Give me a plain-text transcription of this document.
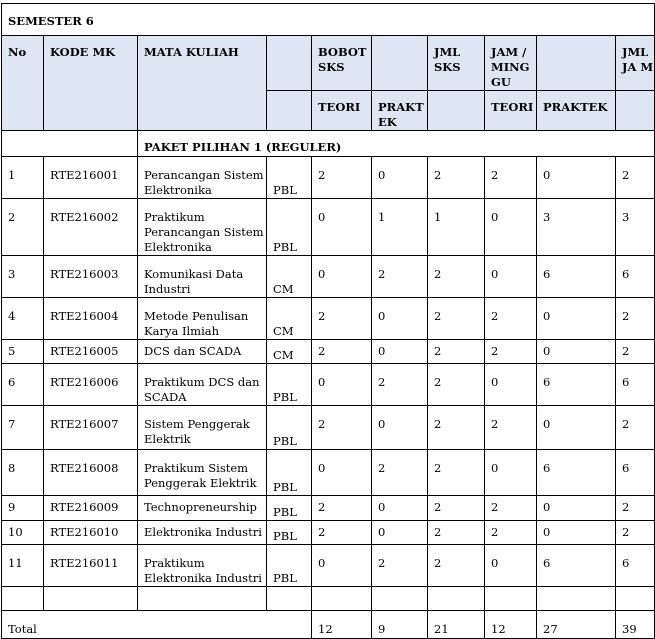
SEMESTER 6									
No	KODE MK	MATA KULIAH		BOBOT SKS		JML SKS	JAM / MING GU		JML JA M
				TEORI	PRAKT EK		TEORI	PRAKTEK	
		PAKET PILIHAN 1 (REGULER)							
1	RTE216001	Perancangan Sistem Elektronika	PBL	2	0	2	2	0	2
2	RTE216002	Praktikum Perancangan Sistem Elektronika	PBL	0	1	1	0	3	3
3	RTE216003	Komunikasi Data Industri	CM	0	2	2	0	6	6
4	RTE216004	Metode Penulisan Karya Ilmiah	CM	2	0	2	2	0	2
5	RTE216005	DCS dan SCADA	CM	2	0	2	2	0	2
6	RTE216006	Praktikum DCS dan SCADA	PBL	0	2	2	0	6	6
7	RTE216007	Sistem Penggerak Elektrik	PBL	2	0	2	2	0	2
8	RTE216008	Praktikum Sistem Penggerak Elektrik	PBL	0	2	2	0	6	6
9	RTE216009	Technopreneurship	PBL	2	0	2	2	0	2
10	RTE216010	Elektronika Industri	PBL	2	0	2	2	0	2
11	RTE216011	Praktikum Elektronika Industri	PBL	0	2	2	0	6	6

Total				12	9	21	12	27	39
